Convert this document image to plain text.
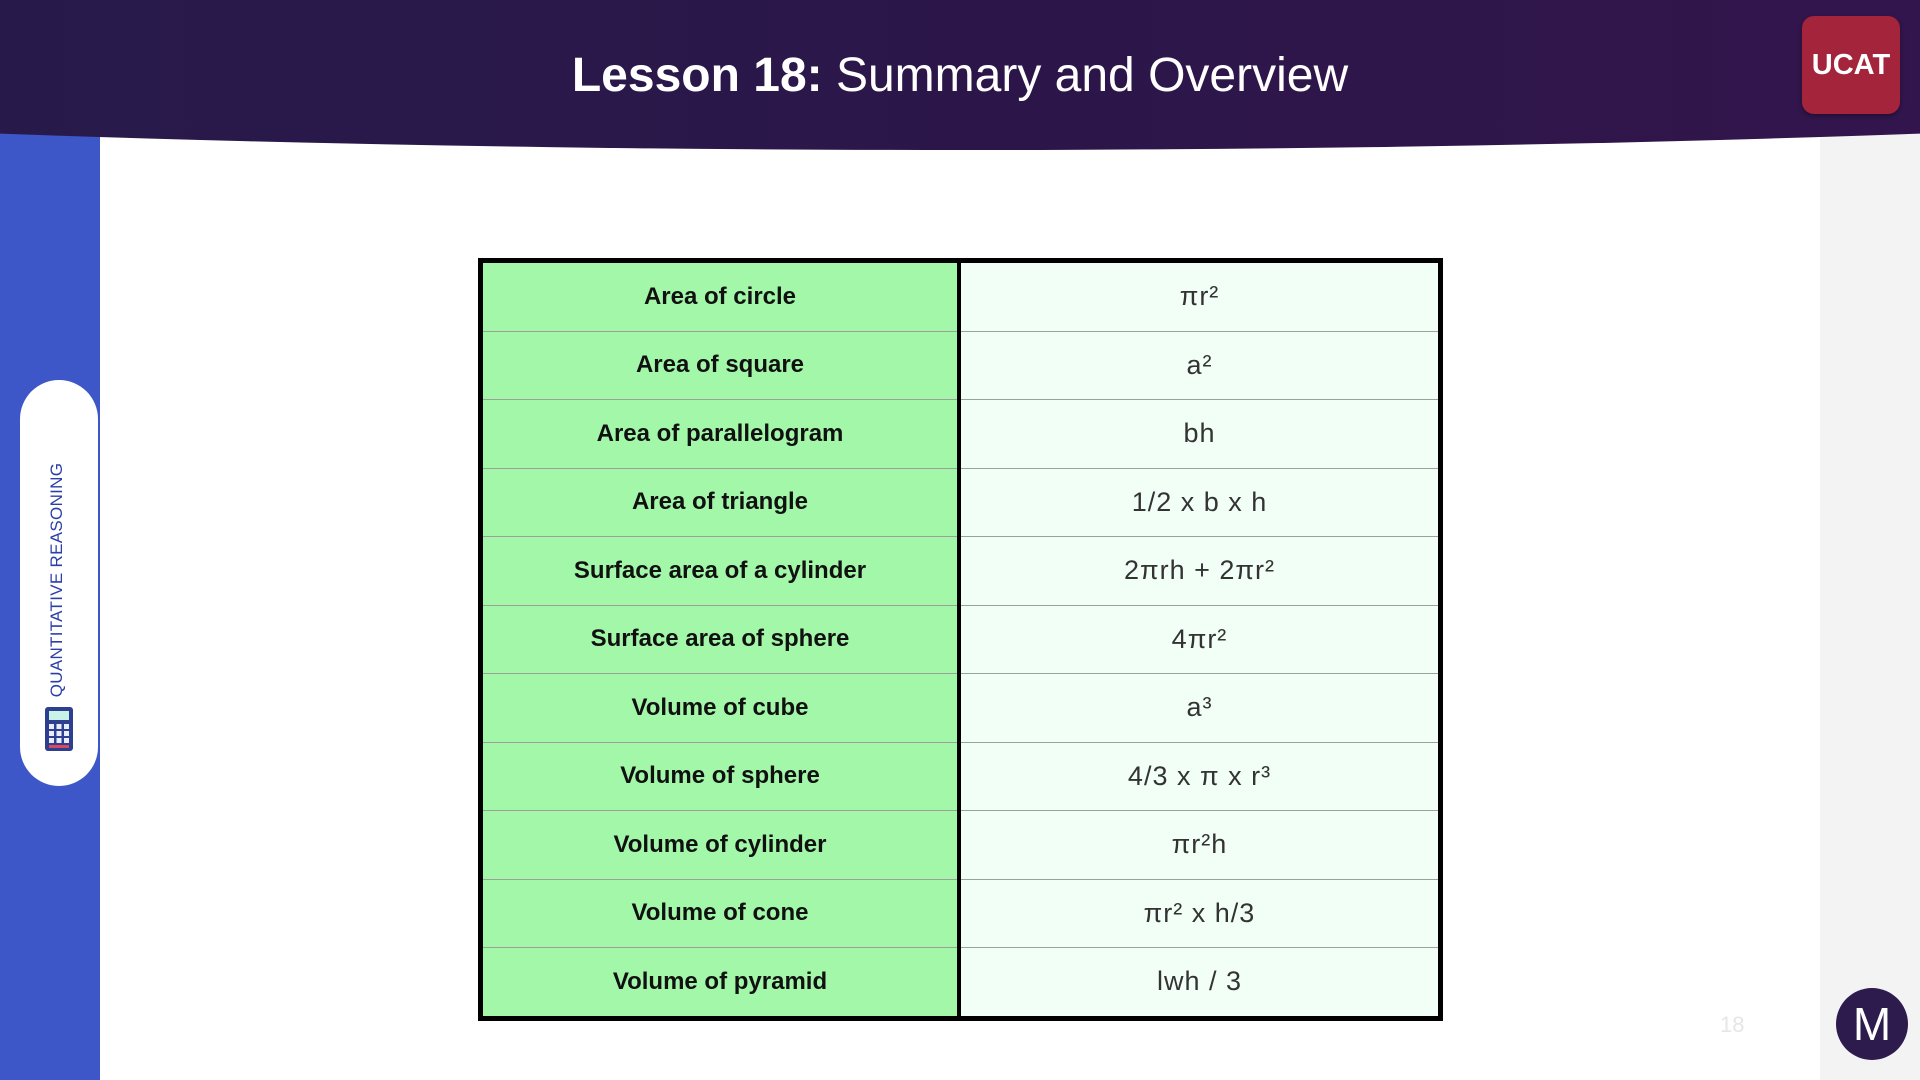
Lesson 18: Summary and Overview	UCAT
QUANTITATIVE REASONING
Area of circle	πr²
Area of square	a²
Area of parallelogram	bh
Area of triangle	1/2 x b x h
Surface area of a cylinder	2πrh + 2πr²
Surface area of sphere	4πr²
Volume of cube	a³
Volume of sphere	4/3 x π x r³
Volume of cylinder	πr²h
Volume of cone	πr² x h/3
Volume of pyramid	lwh / 3
18 M
